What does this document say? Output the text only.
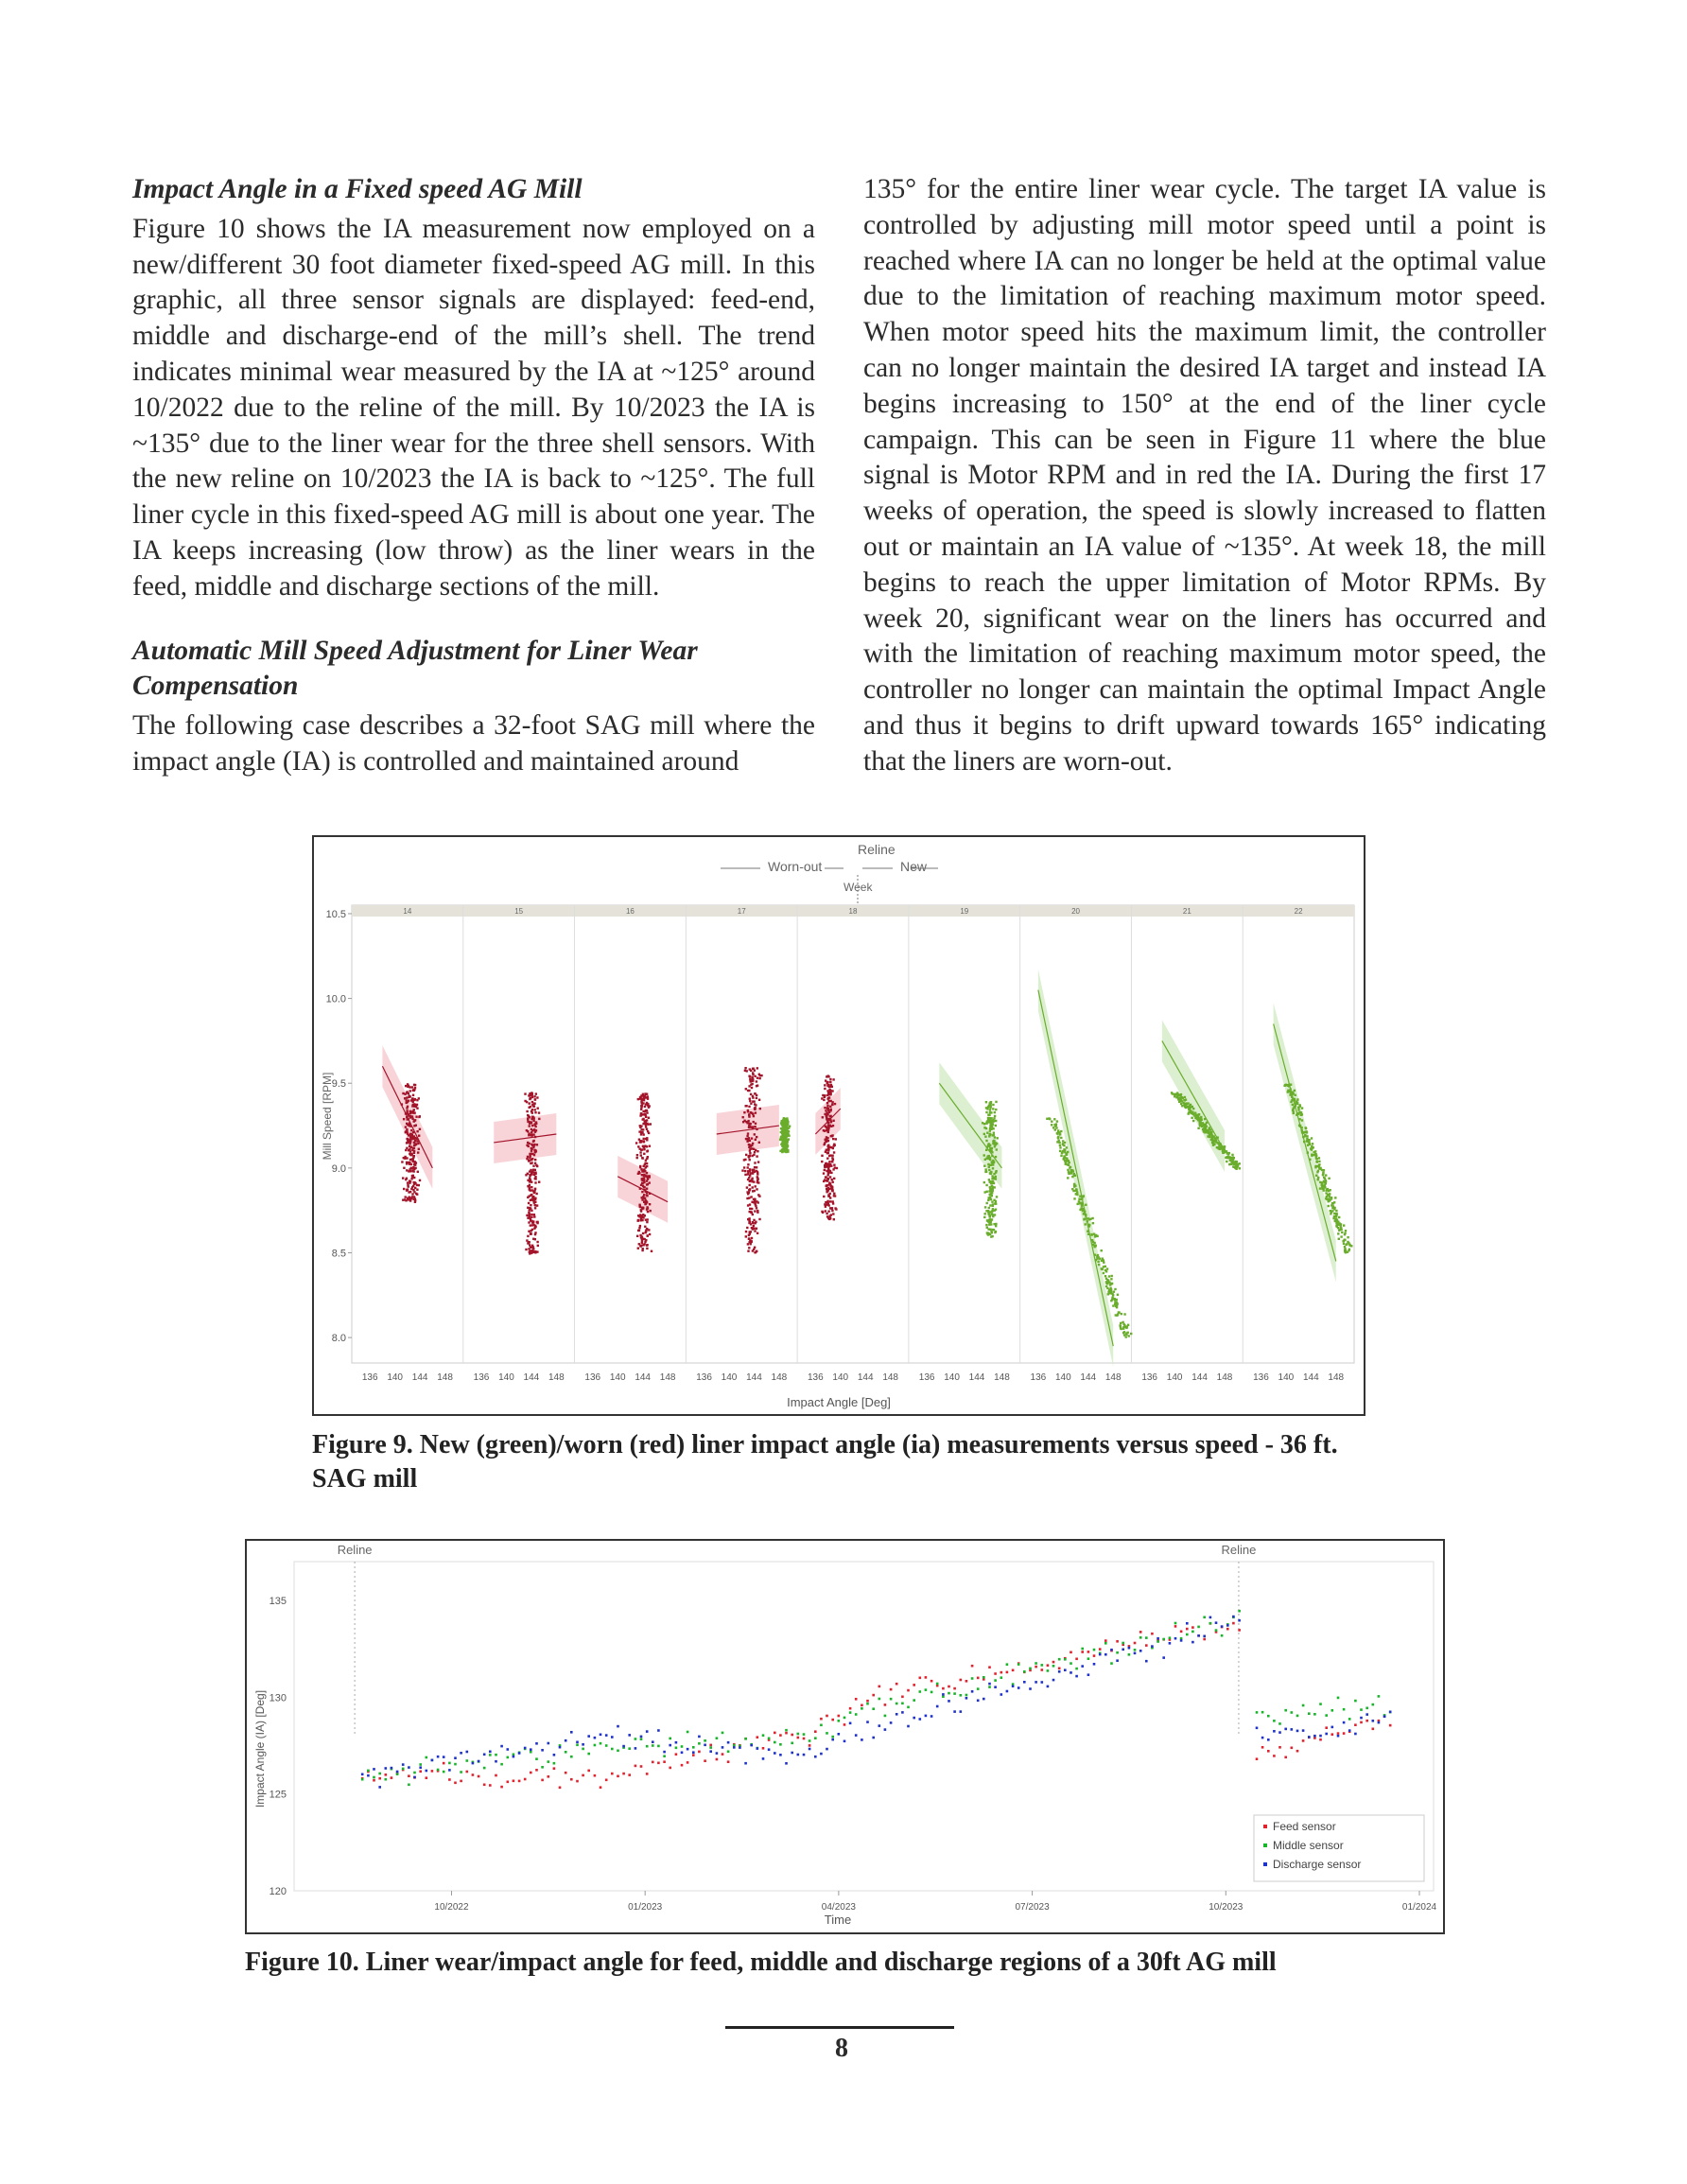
Impact Angle in a Fixed speed AG Mill

Figure 10 shows the IA measurement now employed on a new/different 30 foot diameter fixed-speed AG mill. In this graphic, all three sensor signals are displayed: feed-end, middle and discharge-end of the mill’s shell. The trend indicates minimal wear measured by the IA at ~125° around 10/2022 due to the reline of the mill. By 10/2023 the IA is ~135° due to the liner wear for the three shell sensors. With the new reline on 10/2023 the IA is back to ~125°. The full liner cycle in this fixed-speed AG mill is about one year. The IA keeps increasing (low throw) as the liner wears in the feed, middle and discharge sections of the mill.

Automatic Mill Speed Adjustment for Liner Wear Compensation

The following case describes a 32-foot SAG mill where the impact angle (IA) is controlled and maintained around

135° for the entire liner wear cycle. The target IA value is controlled by adjusting mill motor speed until a point is reached where IA can no longer be held at the optimal value due to the limitation of reaching maximum motor speed. When motor speed hits the maximum limit, the controller can no longer maintain the desired IA target and instead IA begins increasing to 150° at the end of the liner cycle campaign. This can be seen in Figure 11 where the blue signal is Motor RPM and in red the IA. During the first 17 weeks of operation, the speed is slowly increased to flatten out or maintain an IA value of ~135°. At week 18, the mill begins to reach the upper limitation of Motor RPMs. By week 20, significant wear on the liners has occurred and with the limitation of reaching maximum motor speed, the controller no longer can maintain the optimal Impact Angle and thus it begins to drift upward towards 165° indicating that the liners are worn-out.

Reline
Worn-out	New
Week
Mill Speed [RPM]
Impact Angle [Deg]
8.0
8.5
9.0
9.5
10.0
10.5	14
136 140 144 148
15
136 140 144 148
16
136 140 144 148
17
136 140 144 148
18
136 140 144 148
19
136 140 144 148
20
136 140 144 148
21
136 140 144 148
22
136 140 144 148
Figure 9. New (green)/worn (red) liner impact angle (ia) measurements versus speed - 36 ft. SAG mill
Impact Angle (IA) [Deg]
Time
120
125
130
135
10/2022	01/2023	04/2023	07/2023	10/2023	01/2024
Reline	Reline
Feed sensor
Middle sensor
Discharge sensor
Figure 10. Liner wear/impact angle for feed, middle and discharge regions of a 30ft AG mill
8
